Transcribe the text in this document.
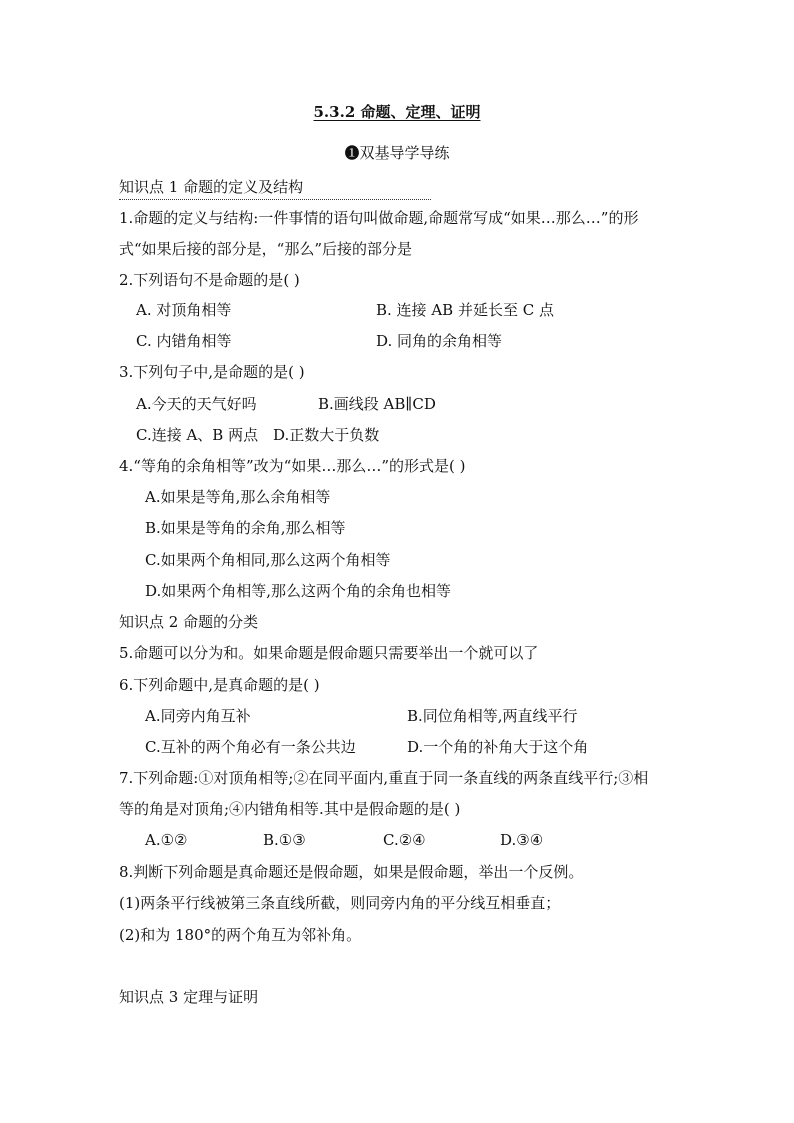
5.3.2 命题、定理、证明
❶双基导学导练
知识点 1 命题的定义及结构
1.命题的定义与结构:一件事情的语句叫做命题,命题常写成“如果…那么…”的形
式“如果后接的部分是，“那么”后接的部分是
2.下列语句不是命题的是( )
A. 对顶角相等	B. 连接 AB 并延长至 C 点
C. 内错角相等	D. 同角的余角相等
3.下列句子中,是命题的是( )
A.今天的天气好吗	B.画线段 AB∥CD
C.连接 A、B 两点 D.正数大于负数
4.“等角的余角相等”改为“如果…那么…”的形式是( )
A.如果是等角,那么余角相等
B.如果是等角的余角,那么相等
C.如果两个角相同,那么这两个角相等
D.如果两个角相等,那么这两个角的余角也相等
知识点 2 命题的分类
5.命题可以分为和。如果命题是假命题只需要举出一个就可以了
6.下列命题中,是真命题的是( )
A.同旁内角互补	B.同位角相等,两直线平行
C.互补的两个角必有一条公共边	D.一个角的补角大于这个角
7.下列命题:①对顶角相等;②在同平面内,重直于同一条直线的两条直线平行;③相
等的角是对顶角;④内错角相等.其中是假命题的是( )
A.①②	B.①③	C.②④	D.③④
8.判断下列命题是真命题还是假命题，如果是假命题，举出一个反例。
(1)两条平行线被第三条直线所截，则同旁内角的平分线互相垂直；
(2)和为 180°的两个角互为邻补角。
知识点 3 定理与证明
